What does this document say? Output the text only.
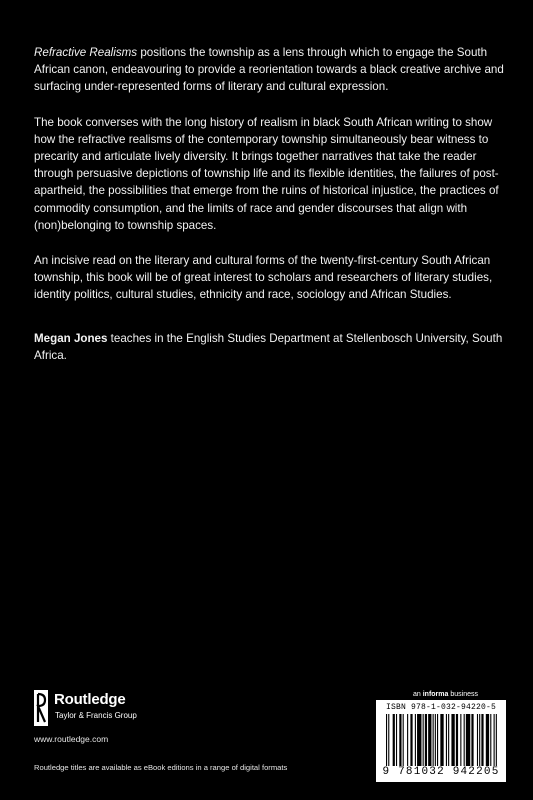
Refractive Realisms positions the township as a lens through which to engage the South African canon, endeavouring to provide a reorientation towards a black creative archive and surfacing under-represented forms of literary and cultural expression.

The book converses with the long history of realism in black South African writing to show how the refractive realisms of the contemporary township simultaneously bear witness to precarity and articulate lively diversity. It brings together narratives that take the reader through persuasive depictions of township life and its flexible identities, the failures of post-apartheid, the possibilities that emerge from the ruins of historical injustice, the practices of commodity consumption, and the limits of race and gender discourses that align with (non)belonging to township spaces.

An incisive read on the literary and cultural forms of the twenty-first-century South African township, this book will be of great interest to scholars and researchers of literary studies, identity politics, cultural studies, ethnicity and race, sociology and African Studies.

Megan Jones teaches in the English Studies Department at Stellenbosch University, South Africa.

Routledge
Taylor & Francis Group
www.routledge.com
Routledge titles are available as eBook editions in a range of digital formats
an informa business
ISBN 978-1-032-94220-5
9 781032 942205
